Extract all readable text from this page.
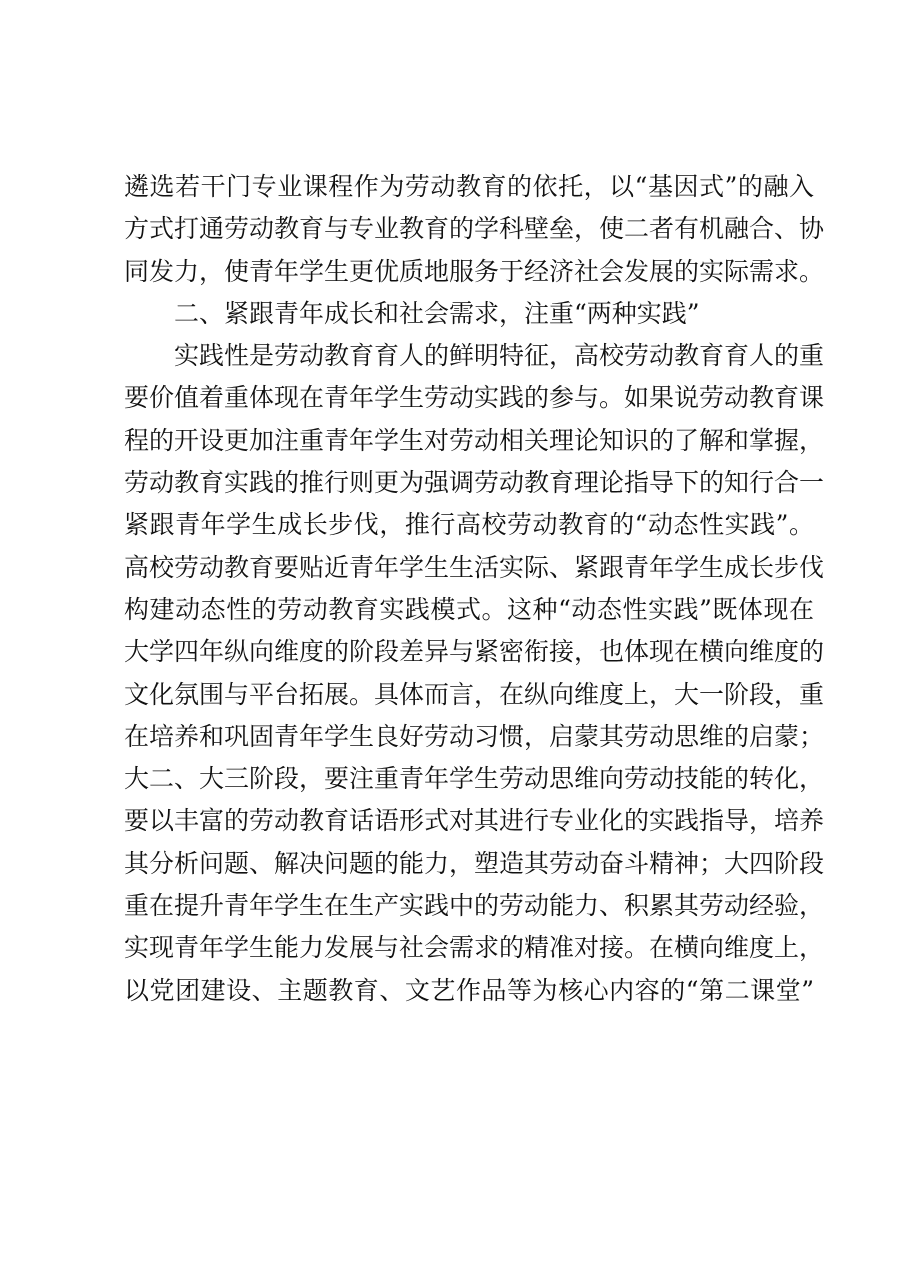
遴选若干门专业课程作为劳动教育的依托，以“基因式”的融入
方式打通劳动教育与专业教育的学科壁垒，使二者有机融合、协
同发力，使青年学生更优质地服务于经济社会发展的实际需求。
二、紧跟青年成长和社会需求，注重“两种实践”
实践性是劳动教育育人的鲜明特征，高校劳动教育育人的重
要价值着重体现在青年学生劳动实践的参与。如果说劳动教育课
程的开设更加注重青年学生对劳动相关理论知识的了解和掌握，
劳动教育实践的推行则更为强调劳动教育理论指导下的知行合一
紧跟青年学生成长步伐，推行高校劳动教育的“动态性实践”。
高校劳动教育要贴近青年学生生活实际、紧跟青年学生成长步伐
构建动态性的劳动教育实践模式。这种“动态性实践”既体现在
大学四年纵向维度的阶段差异与紧密衔接，也体现在横向维度的
文化氛围与平台拓展。具体而言，在纵向维度上，大一阶段，重
在培养和巩固青年学生良好劳动习惯，启蒙其劳动思维的启蒙；
大二、大三阶段，要注重青年学生劳动思维向劳动技能的转化，
要以丰富的劳动教育话语形式对其进行专业化的实践指导，培养
其分析问题、解决问题的能力，塑造其劳动奋斗精神；大四阶段
重在提升青年学生在生产实践中的劳动能力、积累其劳动经验，
实现青年学生能力发展与社会需求的精准对接。在横向维度上，
以党团建设、主题教育、文艺作品等为核心内容的“第二课堂”
